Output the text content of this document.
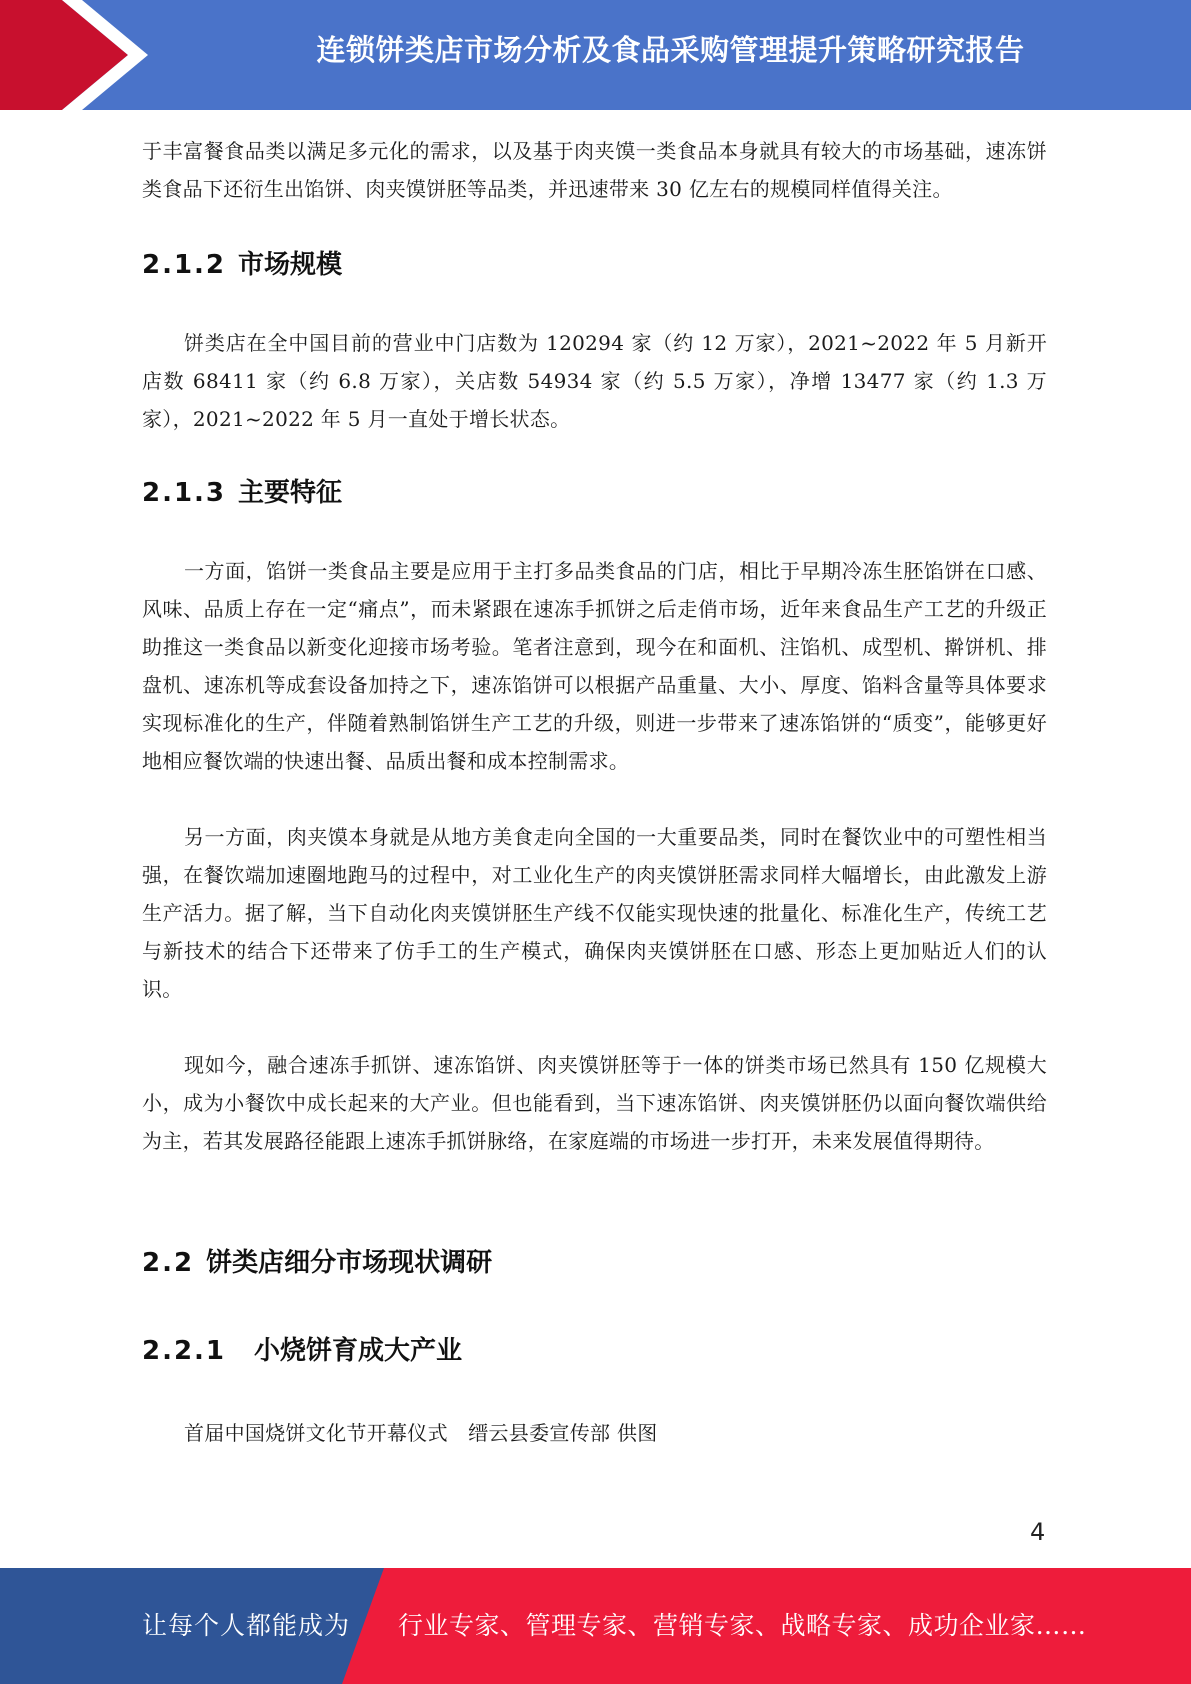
连锁饼类店市场分析及食品采购管理提升策略研究报告

于丰富餐食品类以满足多元化的需求，以及基于肉夹馍一类食品本身就具有较大的市场基础，速冻饼类食品下还衍生出馅饼、肉夹馍饼胚等品类，并迅速带来 30 亿左右的规模同样值得关注。

2.1.2 市场规模

饼类店在全中国目前的营业中门店数为 120294 家（约 12 万家），2021~2022 年 5 月新开店数 68411 家（约 6.8 万家），关店数 54934 家（约 5.5 万家），净增 13477 家（约 1.3 万家），2021~2022 年 5 月一直处于增长状态。

2.1.3 主要特征

一方面，馅饼一类食品主要是应用于主打多品类食品的门店，相比于早期冷冻生胚馅饼在口感、风味、品质上存在一定“痛点”，而未紧跟在速冻手抓饼之后走俏市场，近年来食品生产工艺的升级正助推这一类食品以新变化迎接市场考验。笔者注意到，现今在和面机、注馅机、成型机、擀饼机、排盘机、速冻机等成套设备加持之下，速冻馅饼可以根据产品重量、大小、厚度、馅料含量等具体要求实现标准化的生产，伴随着熟制馅饼生产工艺的升级，则进一步带来了速冻馅饼的“质变”，能够更好地相应餐饮端的快速出餐、品质出餐和成本控制需求。

另一方面，肉夹馍本身就是从地方美食走向全国的一大重要品类，同时在餐饮业中的可塑性相当强，在餐饮端加速圈地跑马的过程中，对工业化生产的肉夹馍饼胚需求同样大幅增长，由此激发上游生产活力。据了解，当下自动化肉夹馍饼胚生产线不仅能实现快速的批量化、标准化生产，传统工艺与新技术的结合下还带来了仿手工的生产模式，确保肉夹馍饼胚在口感、形态上更加贴近人们的认识。

现如今，融合速冻手抓饼、速冻馅饼、肉夹馍饼胚等于一体的饼类市场已然具有 150 亿规模大小，成为小餐饮中成长起来的大产业。但也能看到，当下速冻馅饼、肉夹馍饼胚仍以面向餐饮端供给为主，若其发展路径能跟上速冻手抓饼脉络，在家庭端的市场进一步打开，未来发展值得期待。

2.2 饼类店细分市场现状调研
2.2.1 小烧饼育成大产业

首届中国烧饼文化节开幕仪式　缙云县委宣传部 供图

4
让每个人都能成为 行业专家、管理专家、营销专家、战略专家、成功企业家……
